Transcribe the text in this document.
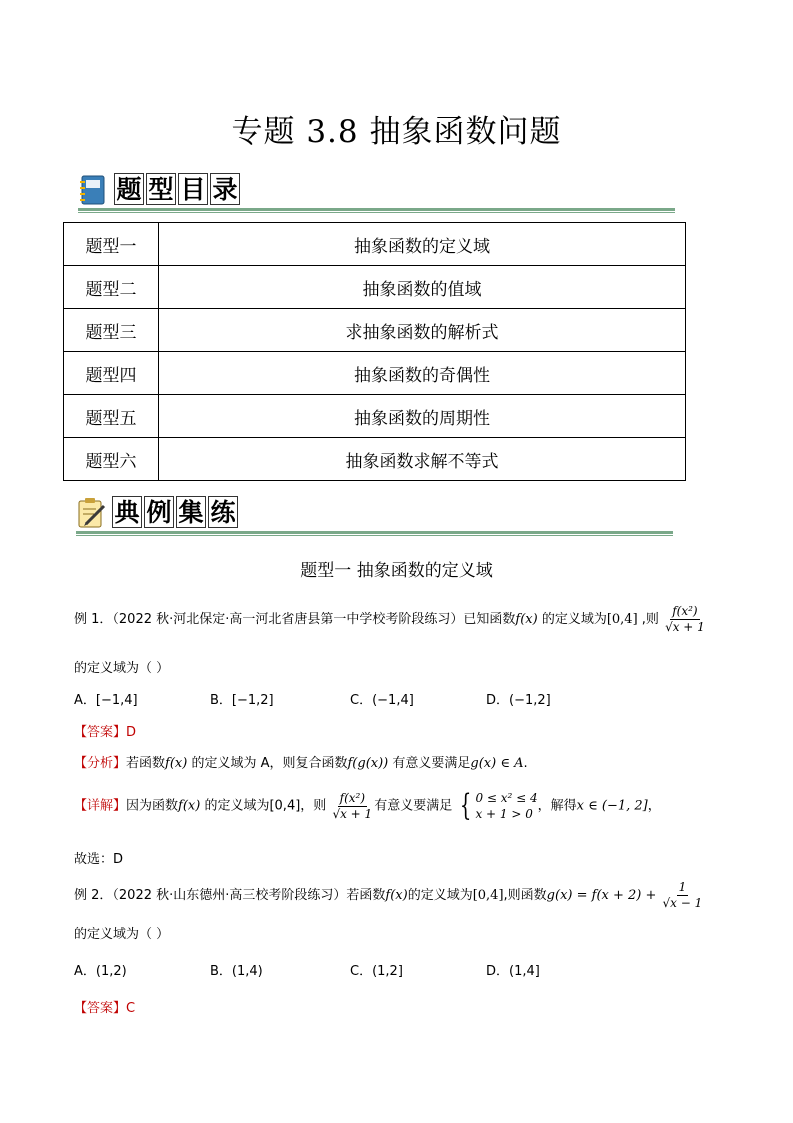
专题 3.8 抽象函数问题
题 型 目 录
题型一	抽象函数的定义域
题型二	抽象函数的值域
题型三	求抽象函数的解析式
题型四	抽象函数的奇偶性
题型五	抽象函数的周期性
题型六	抽象函数求解不等式
典 例 集 练
题型一 抽象函数的定义域
例 1．（2022 秋·河北保定·高一河北省唐县第一中学校考阶段练习）已知函数f(x) 的定义域为[0,4] ,则 $\frac{\text{f(x²)}}{√x + 1}$
的定义域为（ ）
A．[−1,4]	B．[−1,2]	C．(−1,4]	D．(−1,2]
【答案】D
【分析】若函数f(x) 的定义域为 A，则复合函数f(g(x)) 有意义要满足g(x) ∈ A.
【详解】因为函数f(x) 的定义域为[0,4]，则 $\frac{\text{f(x²)}}{√x + 1}$ 有意义要满足 { 0 ≤ x² ≤ 4
x + 1 > 0
，解得x ∈ (−1, 2]，
故选：D
例 2．（2022 秋·山东德州·高三校考阶段练习）若函数f(x)的定义域为[0,4],则函数$g(x) = f(x + 2) + \frac{1}{√x - 1}$
的定义域为（ ）
A．(1,2)	B．(1,4)	C．(1,2]	D．(1,4]
【答案】C
